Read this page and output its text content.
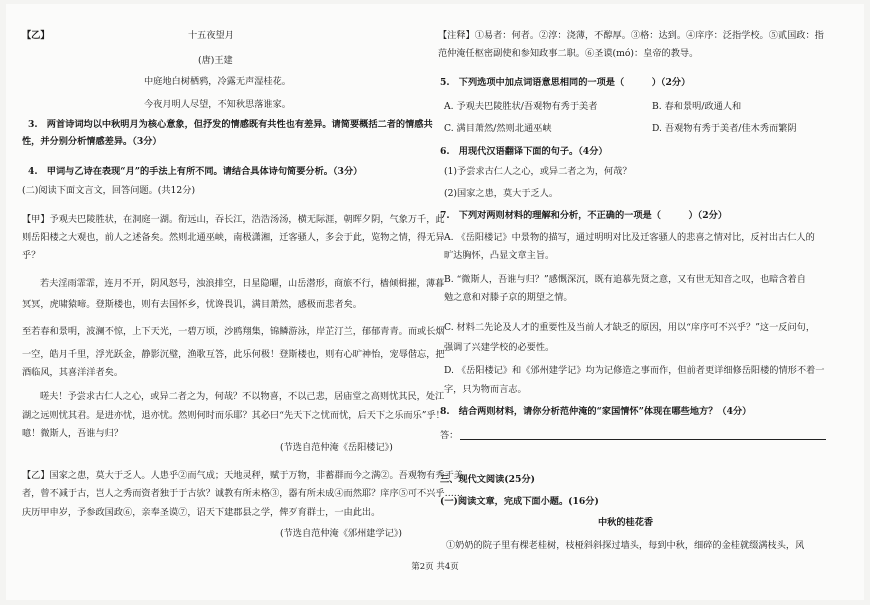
【乙】	十五夜望月
(唐)王建
中庭地白树栖鸦，冷露无声湿桂花。
今夜月明人尽望，不知秋思落谁家。
3.　两首诗词均以中秋明月为核心意象，但抒发的情感既有共性也有差异。请简要概括二者的情感共
性，并分别分析情感差异。（3分）
4.　甲词与乙诗在表现“月”的手法上有所不同。请结合具体诗句简要分析。（3分）
(二)阅读下面文言文，回答问题。(共12分)
【甲】予观夫巴陵胜状，在洞庭一湖。衔远山，吞长江，浩浩汤汤，横无际涯，朝晖夕阴，气象万千，此
则岳阳楼之大观也，前人之述备矣。然则北通巫峡，南极潇湘，迁客骚人，多会于此，览物之情，得无异
乎？
若夫淫雨霏霏，连月不开，阴风怒号，浊浪排空，日星隐曜，山岳潜形，商旅不行，樯倾楫摧，薄暮
冥冥，虎啸猿啼。登斯楼也，则有去国怀乡，忧谗畏讥，满目萧然，感极而悲者矣。
至若春和景明，波澜不惊，上下天光，一碧万顷，沙鸥翔集，锦鳞游泳，岸芷汀兰，郁郁青青。而或长烟
一空，皓月千里，浮光跃金，静影沉璧，渔歌互答，此乐何极！登斯楼也，则有心旷神怡，宠辱偕忘，把
酒临风，其喜洋洋者矣。
嗟夫！予尝求古仁人之心，或异二者之为，何哉？不以物喜，不以己悲，居庙堂之高则忧其民，处江
湖之远则忧其君。是进亦忧，退亦忧。然则何时而乐耶？其必曰“先天下之忧而忧，后天下之乐而乐”乎！
噫！微斯人，吾谁与归？
(节选自范仲淹《岳阳楼记》)
【乙】国家之患，莫大于乏人。人患乎②而气成；天地灵秤，赋于万物，非蓄群而今之满②。吾观物有秀于美
者，曾不减于古，岂人之秀而资者独于于古欤？诚教有所未格③，器有所未成④而然耶？庠序⑤可不兴乎……
庆历甲申岁，予参政国政⑥，亲奉圣谟⑦，诏天下建郡县之学，俾歹育群士，一由此出。
(节选自范仲淹《邠州建学记》)
【注释】①易者：何者。②淳：浇薄，不醇厚。③格：达到。④庠序：泛指学校。⑤贰国政：指
范仲淹任枢密副使和参知政事二职。⑥圣谟(mó)：皇帝的教导。
5.　下列选项中加点词语意思相同的一项是（　　　）（2分）
A. 予观夫巴陵胜状/吾观物有秀于美者	B. 春和景明/政通人和
C. 满目萧然/然则北通巫峡	D. 吾观物有秀于美者/佳木秀而繁阴
6.　用现代汉语翻译下面的句子。（4分）
(1)予尝求古仁人之心，或异二者之为，何哉？
(2)国家之患，莫大于乏人。
7.　下列对两则材料的理解和分析，不正确的一项是（　　　）（2分）
A. 《岳阳楼记》中景物的描写，通过明明对比及迁客骚人的悲喜之情对比，反衬出古仁人的
旷达胸怀，凸显文章主旨。
B. “微斯人，吾谁与归？”感慨深沉，既有追慕先贤之意，又有世无知音之叹，也暗含着自
勉之意和对滕子京的期望之情。
C. 材料二先论及人才的重要性及当前人才缺乏的原因，用以“庠序可不兴乎？”这一反问句，
强调了兴建学校的必要性。
D. 《岳阳楼记》和《邠州建学记》均为记修造之事而作，但前者更详细修岳阳楼的情形不着一
字，只为物而言志。
8.　结合两则材料，请你分析范仲淹的“家国情怀”体现在哪些地方？（4分）
答：
三、现代文阅读(25分)
(一)阅读文章，完成下面小题。(16分)
中秋的桂花香
①奶奶的院子里有棵老桂树，枝桠斜斜探过墙头，每到中秋，细碎的金桂就缀满枝头，风
第2页 共4页
